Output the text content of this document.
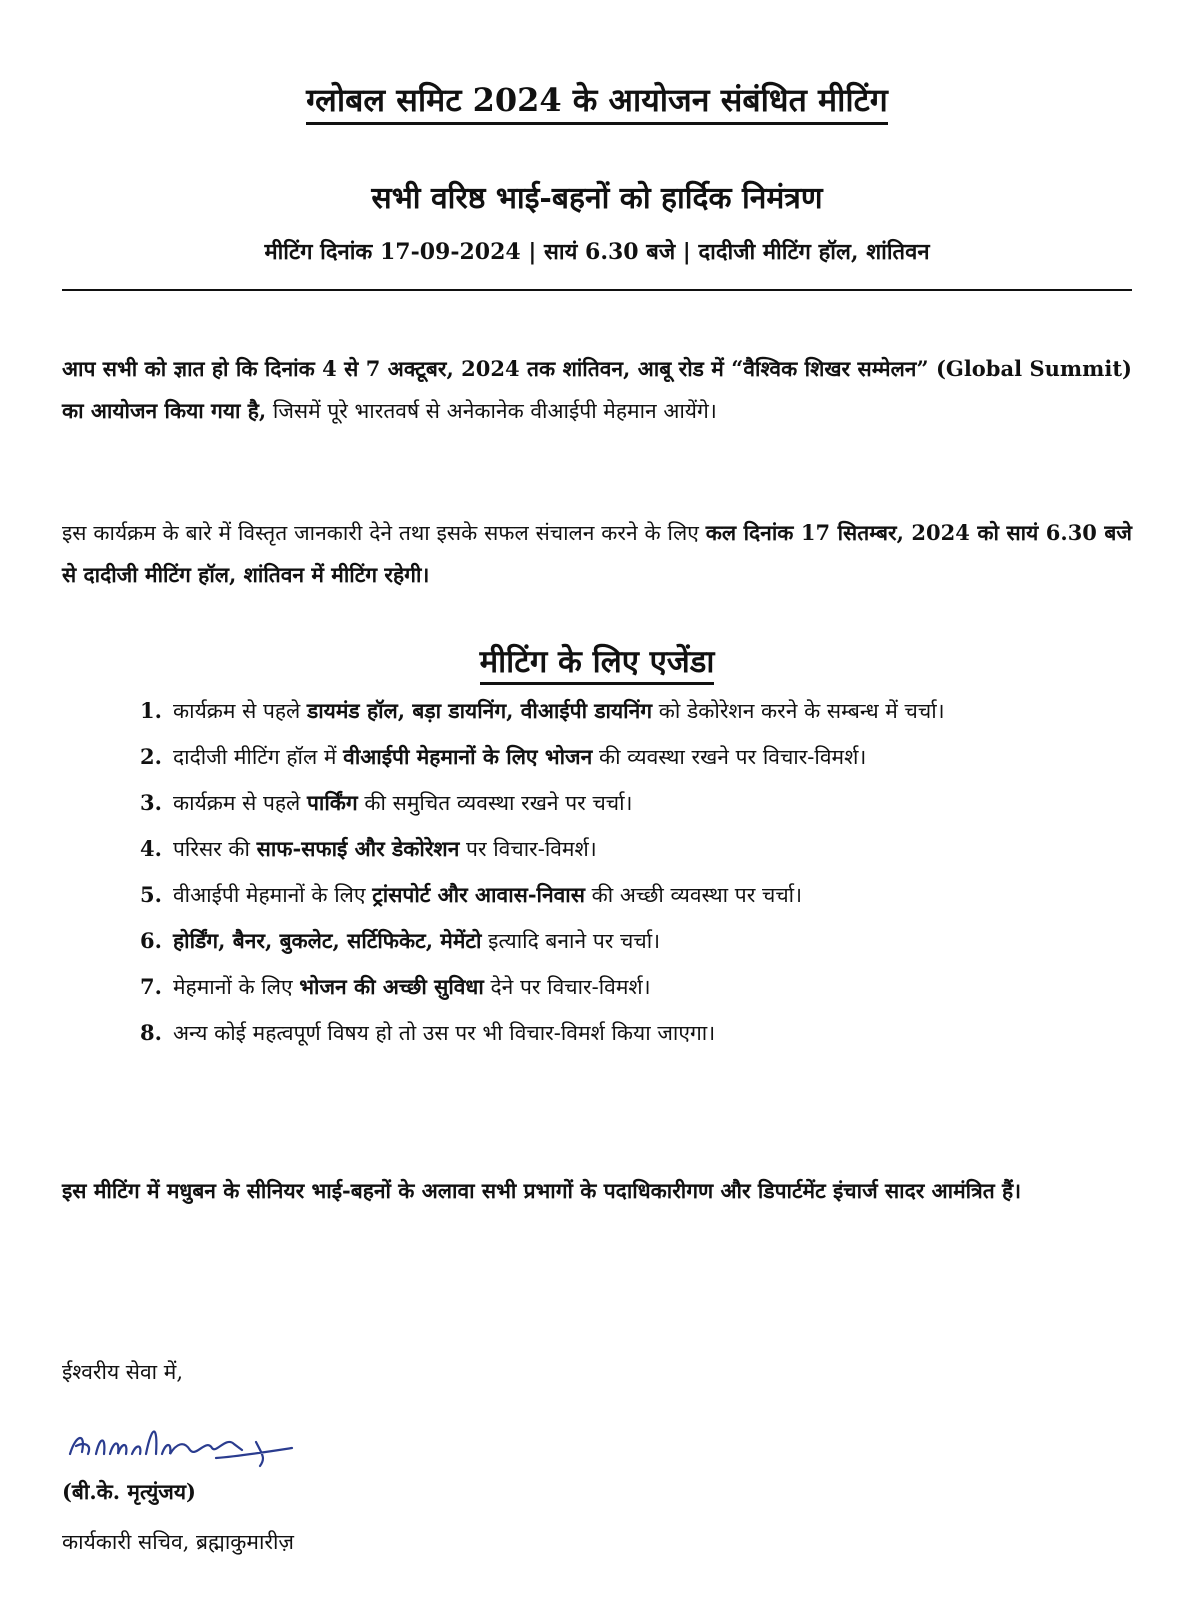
ग्लोबल समिट 2024 के आयोजन संबंधित मीटिंग
सभी वरिष्ठ भाई-बहनों को हार्दिक निमंत्रण
मीटिंग दिनांक 17-09-2024 | सायं 6.30 बजे | दादीजी मीटिंग हॉल, शांतिवन
आप सभी को ज्ञात हो कि दिनांक 4 से 7 अक्टूबर, 2024 तक शांतिवन, आबू रोड में “वैश्विक शिखर सम्मेलन” (Global Summit) का आयोजन किया गया है, जिसमें पूरे भारतवर्ष से अनेकानेक वीआईपी मेहमान आयेंगे।
इस कार्यक्रम के बारे में विस्तृत जानकारी देने तथा इसके सफल संचालन करने के लिए कल दिनांक 17 सितम्बर, 2024 को सायं 6.30 बजे से दादीजी मीटिंग हॉल, शांतिवन में मीटिंग रहेगी।
मीटिंग के लिए एजेंडा
1. कार्यक्रम से पहले डायमंड हॉल, बड़ा डायनिंग, वीआईपी डायनिंग को डेकोरेशन करने के सम्बन्ध में चर्चा।
2. दादीजी मीटिंग हॉल में वीआईपी मेहमानों के लिए भोजन की व्यवस्था रखने पर विचार-विमर्श।
3. कार्यक्रम से पहले पार्किंग की समुचित व्यवस्था रखने पर चर्चा।
4. परिसर की साफ-सफाई और डेकोरेशन पर विचार-विमर्श।
5. वीआईपी मेहमानों के लिए ट्रांसपोर्ट और आवास-निवास की अच्छी व्यवस्था पर चर्चा।
6. होर्डिंग, बैनर, बुकलेट, सर्टिफिकेट, मेमेंटो इत्यादि बनाने पर चर्चा।
7. मेहमानों के लिए भोजन की अच्छी सुविधा देने पर विचार-विमर्श।
8. अन्य कोई महत्वपूर्ण विषय हो तो उस पर भी विचार-विमर्श किया जाएगा।
इस मीटिंग में मधुबन के सीनियर भाई-बहनों के अलावा सभी प्रभागों के पदाधिकारीगण और डिपार्टमेंट इंचार्ज सादर आमंत्रित हैं।
ईश्वरीय सेवा में,
(बी.के. मृत्युंजय)
कार्यकारी सचिव, ब्रह्माकुमारीज़
